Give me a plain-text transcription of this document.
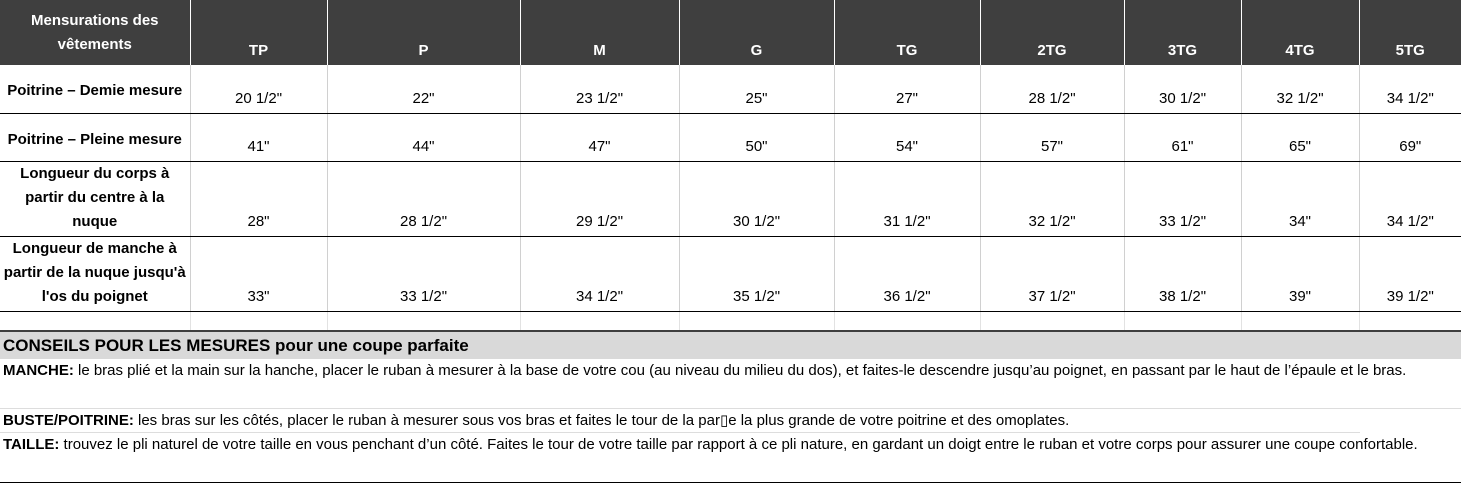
Mensurations des vêtements	TP	P	M	G	TG	2TG	3TG	4TG	5TG
Poitrine – Demie mesure	20 1/2"	22"	23 1/2"	25"	27"	28 1/2"	30 1/2"	32 1/2"	34 1/2"
Poitrine – Pleine mesure	41"	44"	47"	50"	54"	57"	61"	65"	69"
Longueur du corps à partir du centre à la nuque	28"	28 1/2"	29 1/2"	30 1/2"	31 1/2"	32 1/2"	33 1/2"	34"	34 1/2"
Longueur de manche à partir de la nuque jusqu'à l'os du poignet	33"	33 1/2"	34 1/2"	35 1/2"	36 1/2"	37 1/2"	38 1/2"	39"	39 1/2"

CONSEILS POUR LES MESURES pour une coupe parfaite
MANCHE: le bras plié et la main sur la hanche, placer le ruban à mesurer à la base de votre cou (au niveau du milieu du dos), et faites-le descendre jusqu’au poignet, en passant par le haut de l’épaule et le bras.
BUSTE/POITRINE: les bras sur les côtés, placer le ruban à mesurer sous vos bras et faites le tour de la par▯e la plus grande de votre poitrine et des omoplates.
TAILLE: trouvez le pli naturel de votre taille en vous penchant d’un côté. Faites le tour de votre taille par rapport à ce pli nature, en gardant un doigt entre le ruban et votre corps pour assurer une coupe confortable.
